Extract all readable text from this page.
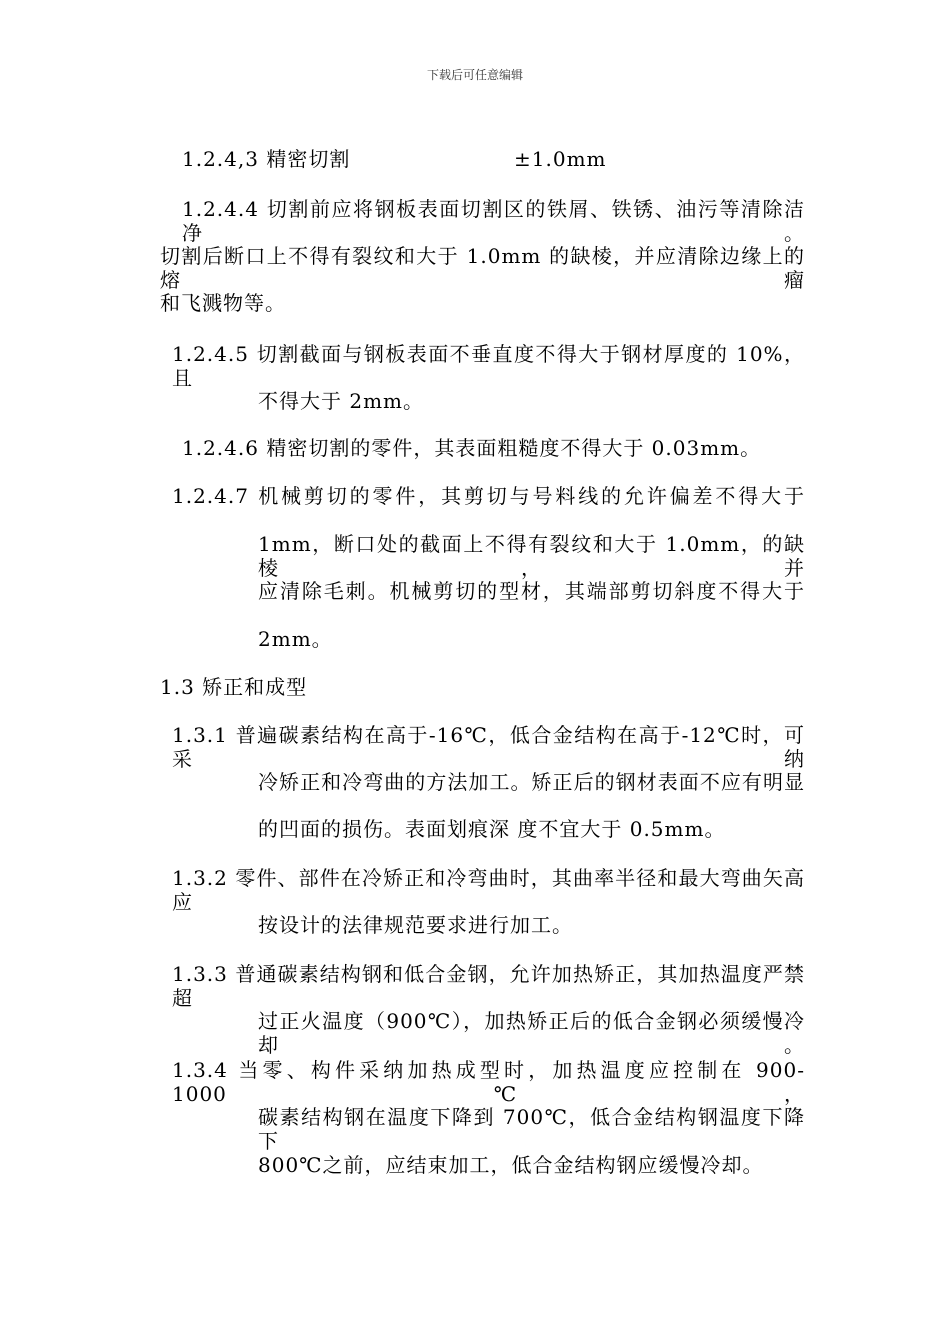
下载后可任意编辑
1.2.4,3 精密切割	±1.0mm
1.2.4.4 切割前应将钢板表面切割区的铁屑、铁锈、油污等清除洁净。
切割后断口上不得有裂纹和大于 1.0mm 的缺棱，并应清除边缘上的熔瘤
和飞溅物等。
1.2.4.5 切割截面与钢板表面不垂直度不得大于钢材厚度的 10%，且
不得大于 2mm。
1.2.4.6 精密切割的零件，其表面粗糙度不得大于 0.03mm。
1.2.4.7 机械剪切的零件，其剪切与号料线的允许偏差不得大于
1mm，断口处的截面上不得有裂纹和大于 1.0mm，的缺棱，并
应清除毛刺。机械剪切的型材，其端部剪切斜度不得大于
2mm。
1.3 矫正和成型
1.3.1 普遍碳素结构在高于-16℃，低合金结构在高于-12℃时，可采纳
冷矫正和冷弯曲的方法加工。矫正后的钢材表面不应有明显
的凹面的损伤。表面划痕深 度不宜大于 0.5mm。
1.3.2 零件、部件在冷矫正和冷弯曲时，其曲率半径和最大弯曲矢高应
按设计的法律规范要求进行加工。
1.3.3 普通碳素结构钢和低合金钢，允许加热矫正，其加热温度严禁超
过正火温度（900℃），加热矫正后的低合金钢必须缓慢冷却。
1.3.4 当零、构件采纳加热成型时，加热温度应控制在 900-1000℃，
碳素结构钢在温度下降到 700℃，低合金结构钢温度下降下
800℃之前，应结束加工，低合金结构钢应缓慢冷却。
